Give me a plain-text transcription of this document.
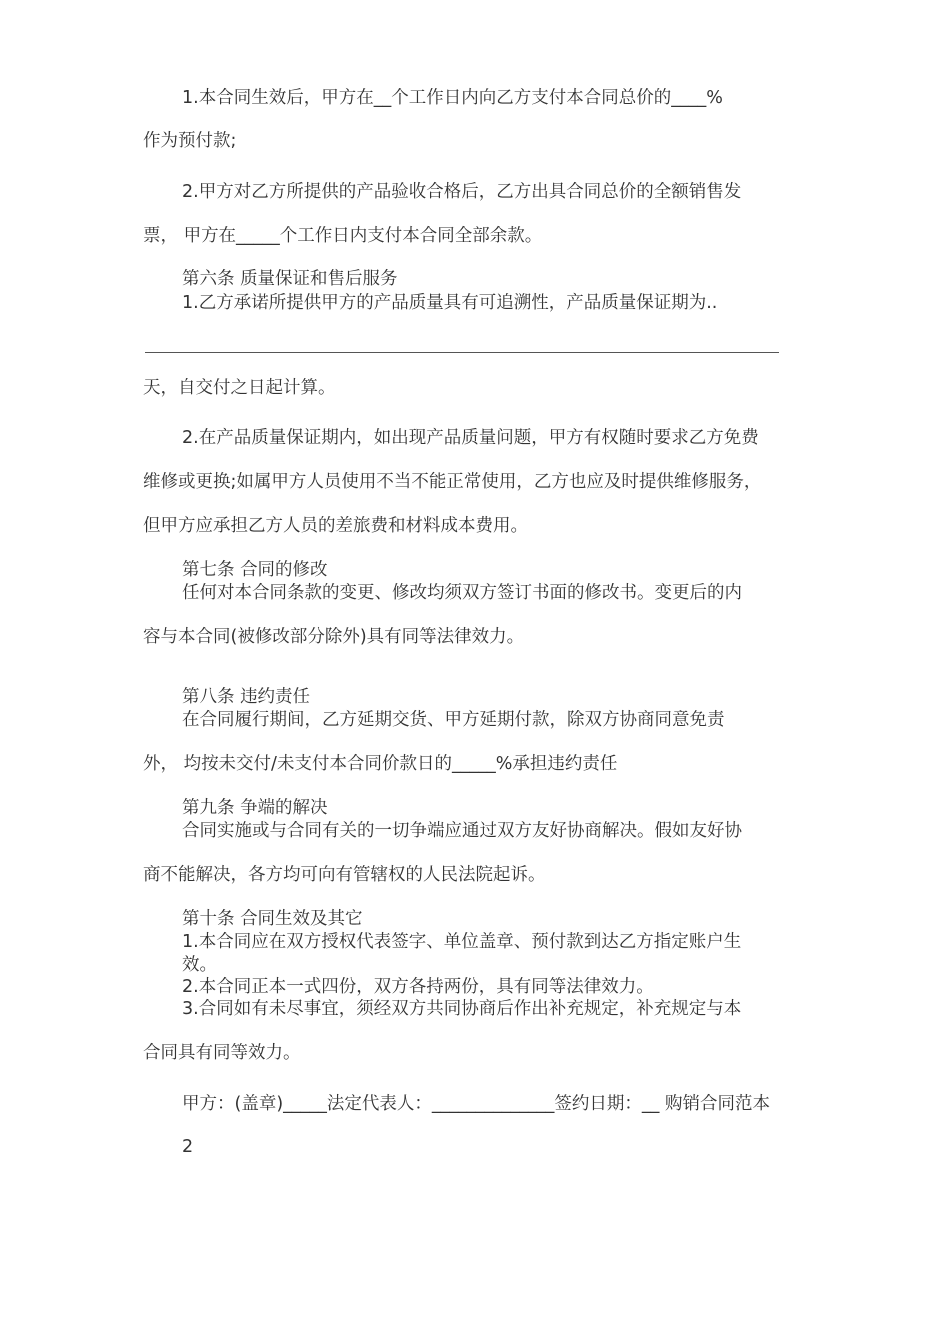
1.本合同生效后，甲方在__个工作日内向乙方支付本合同总价的____%

作为预付款;

2.甲方对乙方所提供的产品验收合格后，乙方出具合同总价的全额销售发

票， 甲方在_____个工作日内支付本合同全部余款。

第六条 质量保证和售后服务

1.乙方承诺所提供甲方的产品质量具有可追溯性，产品质量保证期为..

天，自交付之日起计算。

2.在产品质量保证期内，如出现产品质量问题，甲方有权随时要求乙方免费

维修或更换;如属甲方人员使用不当不能正常使用，乙方也应及时提供维修服务，

但甲方应承担乙方人员的差旅费和材料成本费用。

第七条 合同的修改

任何对本合同条款的变更、修改均须双方签订书面的修改书。变更后的内

容与本合同(被修改部分除外)具有同等法律效力。

第八条 违约责任

在合同履行期间，乙方延期交货、甲方延期付款，除双方协商同意免责

外， 均按未交付/未支付本合同价款日的_____%承担违约责任

第九条 争端的解决

合同实施或与合同有关的一切争端应通过双方友好协商解决。假如友好协

商不能解决，各方均可向有管辖权的人民法院起诉。

第十条 合同生效及其它

1.本合同应在双方授权代表签字、单位盖章、预付款到达乙方指定账户生

效。

2.本合同正本一式四份，双方各持两份，具有同等法律效力。

3.合同如有未尽事宜，须经双方共同协商后作出补充规定，补充规定与本

合同具有同等效力。

甲方：(盖章)_____法定代表人：______________签约日期：__ 购销合同范本

2
